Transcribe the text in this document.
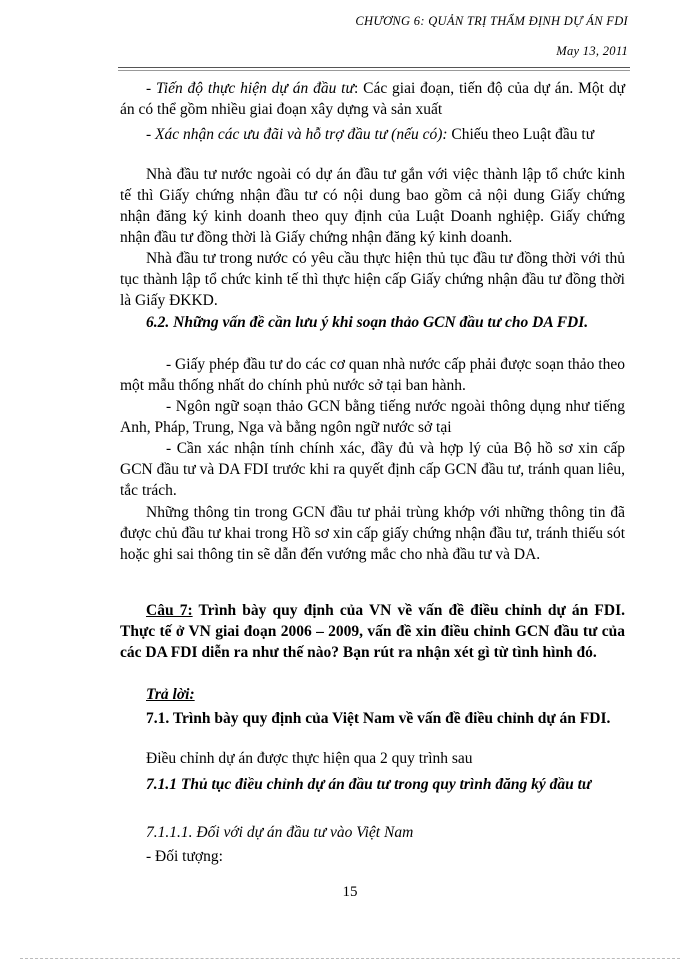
CHƯƠNG 6: QUẢN TRỊ THẨM ĐỊNH DỰ ÁN FDI
May 13, 2011
- Tiến độ thực hiện dự án đầu tư: Các giai đoạn, tiến độ của dự án. Một dự án có thể gồm nhiều giai đoạn xây dựng và sản xuất
- Xác nhận các ưu đãi và hỗ trợ đầu tư (nếu có): Chiếu theo Luật đầu tư
Nhà đầu tư nước ngoài có dự án đầu tư gắn với việc thành lập tổ chức kinh tế thì Giấy chứng nhận đầu tư có nội dung bao gồm cả nội dung Giấy chứng nhận đăng ký kinh doanh theo quy định của Luật Doanh nghiệp. Giấy chứng nhận đầu tư đồng thời là Giấy chứng nhận đăng ký kinh doanh.
Nhà đầu tư trong nước có yêu cầu thực hiện thủ tục đầu tư đồng thời với thủ tục thành lập tổ chức kinh tế thì thực hiện cấp Giấy chứng nhận đầu tư đồng thời là Giấy ĐKKD.
6.2. Những vấn đề cần lưu ý khi soạn thảo GCN đầu tư cho DA FDI.
- Giấy phép đầu tư do các cơ quan nhà nước cấp phải được soạn thảo theo một mẫu thống nhất do chính phủ nước sở tại ban hành.
- Ngôn ngữ soạn thảo GCN bằng tiếng nước ngoài thông dụng như tiếng Anh, Pháp, Trung, Nga và bằng ngôn ngữ nước sở tại
- Cần xác nhận tính chính xác, đầy đủ và hợp lý của Bộ hồ sơ xin cấp GCN đầu tư và DA FDI trước khi ra quyết định cấp GCN đầu tư, tránh quan liêu, tắc trách.
Những thông tin trong GCN đầu tư phải trùng khớp với những thông tin đã được chủ đầu tư khai trong Hồ sơ xin cấp giấy chứng nhận đầu tư, tránh thiếu sót hoặc ghi sai thông tin sẽ dẫn đến vướng mắc cho nhà đầu tư và DA.
Câu 7: Trình bày quy định của VN về vấn đề điều chỉnh dự án FDI. Thực tế ở VN giai đoạn 2006 – 2009, vấn đề xin điều chỉnh GCN đầu tư của các DA FDI diễn ra như thế nào? Bạn rút ra nhận xét gì từ tình hình đó.
Trả lời:
7.1. Trình bày quy định của Việt Nam về vấn đề điều chỉnh dự án FDI.
Điều chỉnh dự án được thực hiện qua 2 quy trình sau
7.1.1 Thủ tục điều chỉnh dự án đầu tư trong quy trình đăng ký đầu tư
7.1.1.1. Đối với dự án đầu tư vào Việt Nam
- Đối tượng:
15
